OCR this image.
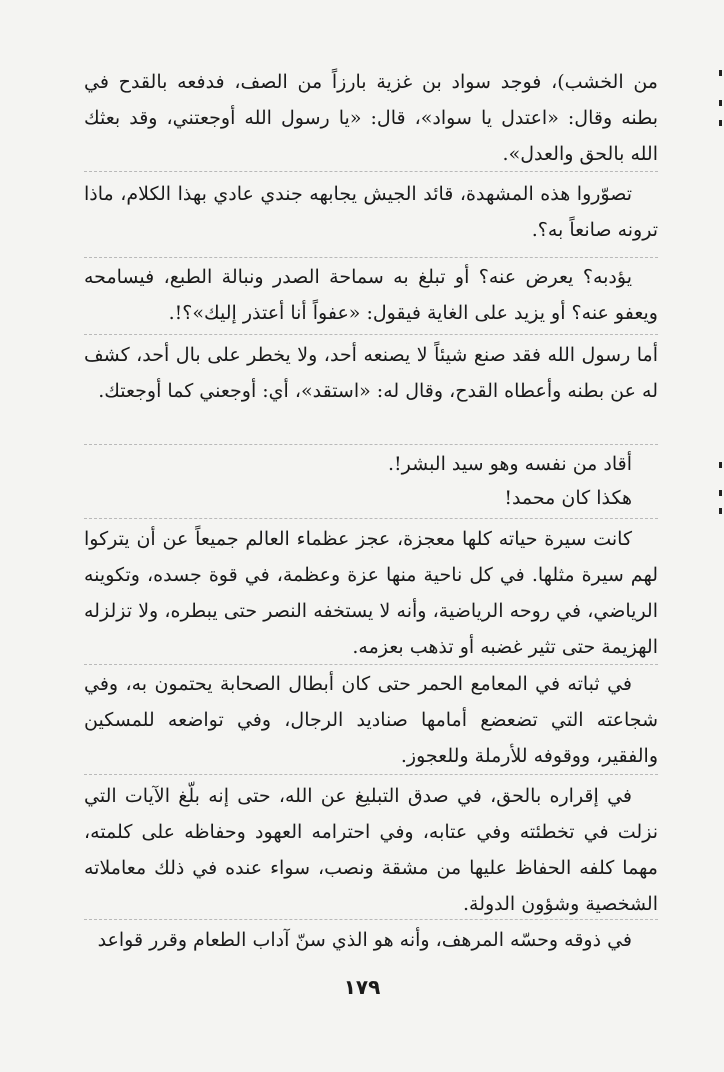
من الخشب)، فوجد سواد بن غزية بارزاً من الصف، فدفعه بالقدح في بطنه وقال: «اعتدل يا سواد»، قال: «يا رسول الله أوجعتني، وقد بعثك الله بالحق والعدل».

تصوّروا هذه المشهدة، قائد الجيش يجابهه جندي عادي بهذا الكلام، ماذا ترونه صانعاً به؟.

يؤدبه؟ يعرض عنه؟ أو تبلغ به سماحة الصدر ونبالة الطبع، فيسامحه ويعفو عنه؟ أو يزيد على الغاية فيقول: «عفواً أنا أعتذر إليك»؟!.

أما رسول الله فقد صنع شيئاً لا يصنعه أحد، ولا يخطر على بال أحد، كشف له عن بطنه وأعطاه القدح، وقال له: «استقد»، أي: أوجعني كما أوجعتك.

أقاد من نفسه وهو سيد البشر!.

هكذا كان محمد!

كانت سيرة حياته كلها معجزة، عجز عظماء العالم جميعاً عن أن يتركوا لهم سيرة مثلها. في كل ناحية منها عزة وعظمة، في قوة جسده، وتكوينه الرياضي، في روحه الرياضية، وأنه لا يستخفه النصر حتى يبطره، ولا تزلزله الهزيمة حتى تثير غضبه أو تذهب بعزمه.

في ثباته في المعامع الحمر حتى كان أبطال الصحابة يحتمون به، وفي شجاعته التي تضعضع أمامها صناديد الرجال، وفي تواضعه للمسكين والفقير، ووقوفه للأرملة وللعجوز.

في إقراره بالحق، في صدق التبليغ عن الله، حتى إنه بلّغ الآيات التي نزلت في تخطئته وفي عتابه، وفي احترامه العهود وحفاظه على كلمته، مهما كلفه الحفاظ عليها من مشقة ونصب، سواء عنده في ذلك معاملاته الشخصية وشؤون الدولة.

في ذوقه وحسّه المرهف، وأنه هو الذي سنّ آداب الطعام وقرر قواعد

١٧٩
